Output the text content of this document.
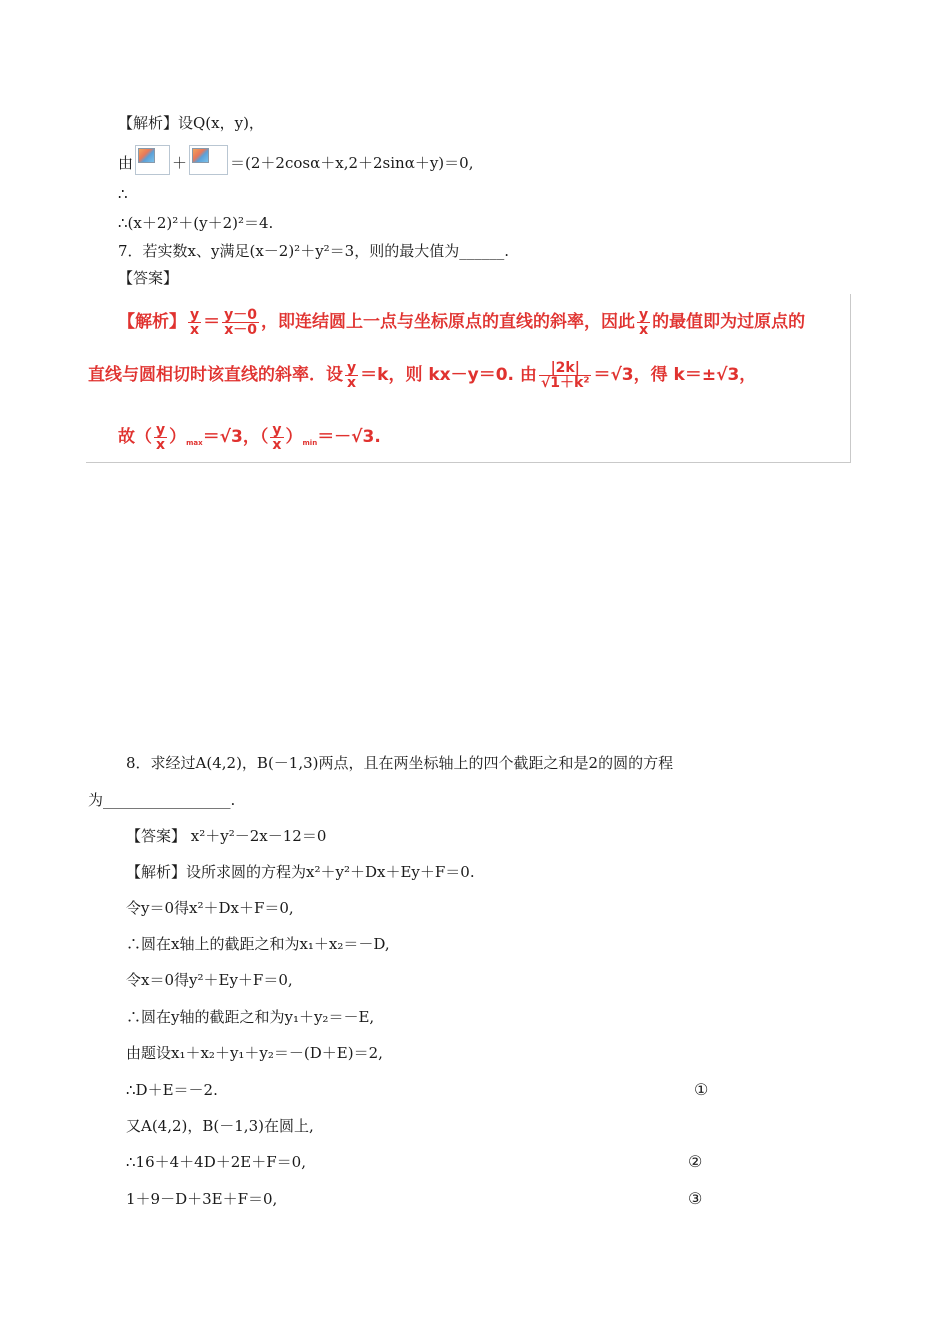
【解析】设Q(x，y)，
由	＋	＝(2＋2cosα＋x,2＋2sinα＋y)＝0,
∴
∴(x＋2)²＋(y＋2)²＝4.
7．若实数x、y满足(x－2)²＋y²＝3，则的最大值为______.
【答案】
【解析】 $\frac{y}{x} = \frac{y-0}{x-0}$ ，即连结圆上一点与坐标原点的直线的斜率，因此 $\frac{y}{x}$ 的最值即为过原点的
直线与圆相切时该直线的斜率．设 $\frac{y}{x} =k$，则 kx－y＝0. 由 $\frac{|2k|}{\text{√1＋k²}} =√3$，得 k＝±√3，
故（ $\frac{y}{x} )\max=√3$，（ $\frac{y}{x} )\min=-√3$.
8．求经过A(4,2)，B(－1,3)两点，且在两坐标轴上的四个截距之和是2的圆的方程
为_________________.
【答案】 x²＋y²－2x－12＝0
【解析】设所求圆的方程为x²＋y²＋Dx＋Ey＋F＝0.
令y＝0得x²＋Dx＋F＝0,
∴圆在x轴上的截距之和为x₁＋x₂＝－D,
令x＝0得y²＋Ey＋F＝0,
∴圆在y轴的截距之和为y₁＋y₂＝－E,
由题设x₁＋x₂＋y₁＋y₂＝－(D＋E)＝2,
∴D＋E＝－2.
又A(4,2)，B(－1,3)在圆上,
∴16＋4＋4D＋2E＋F＝0,
1＋9－D＋3E＋F＝0,
①
②
③
